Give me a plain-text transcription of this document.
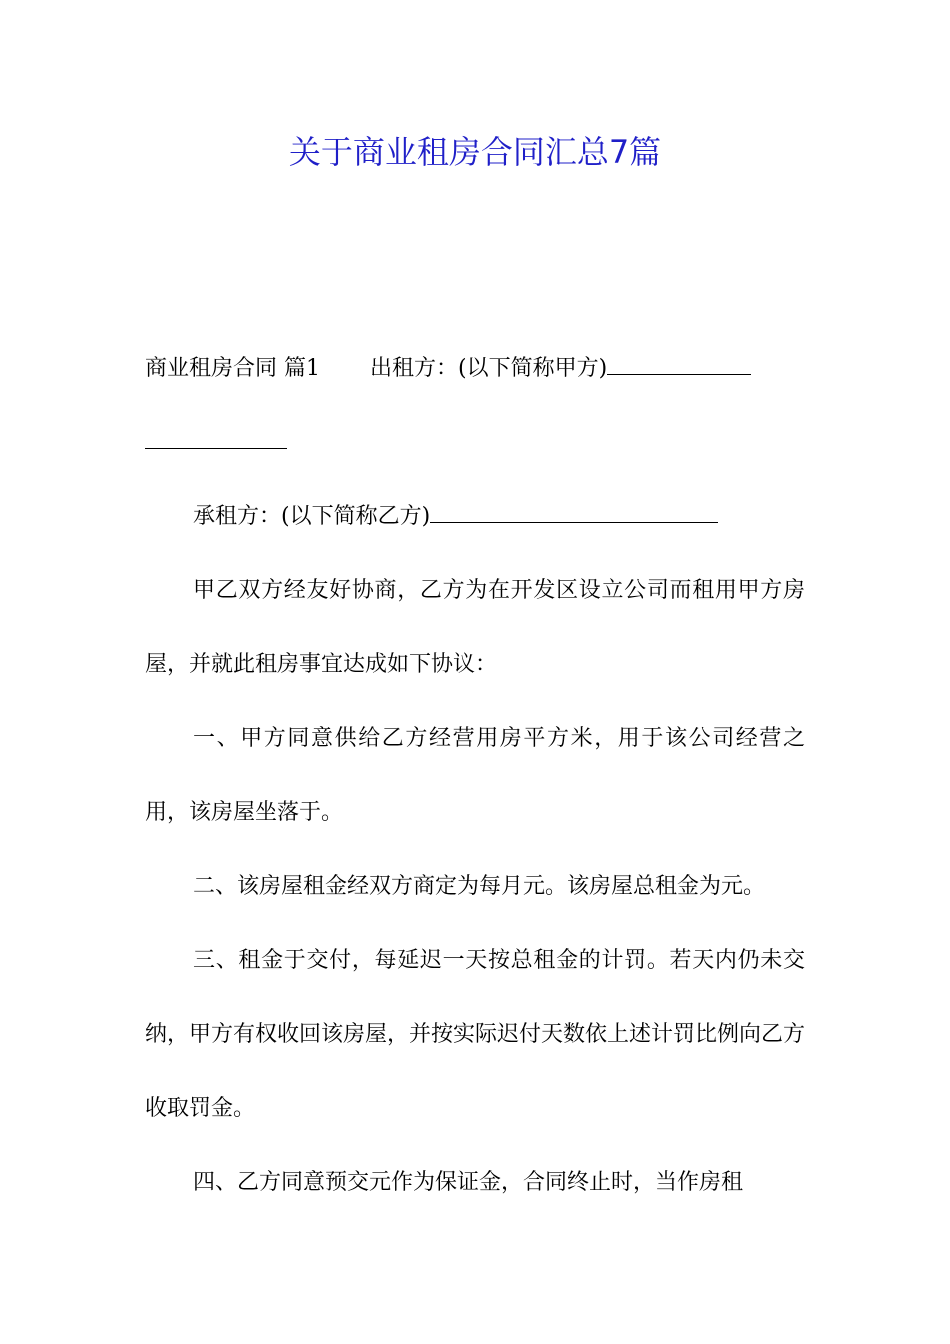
关于商业租房合同汇总7篇

商业租房合同 篇1 出租方：(以下简称甲方)

承租方：(以下简称乙方)

甲乙双方经友好协商，乙方为在开发区设立公司而租用甲方房屋，并就此租房事宜达成如下协议：

一、甲方同意供给乙方经营用房平方米，用于该公司经营之用，该房屋坐落于。

二、该房屋租金经双方商定为每月元。该房屋总租金为元。

三、租金于交付，每延迟一天按总租金的计罚。若天内仍未交纳，甲方有权收回该房屋，并按实际迟付天数依上述计罚比例向乙方收取罚金。

四、乙方同意预交元作为保证金，合同终止时，当作房租
